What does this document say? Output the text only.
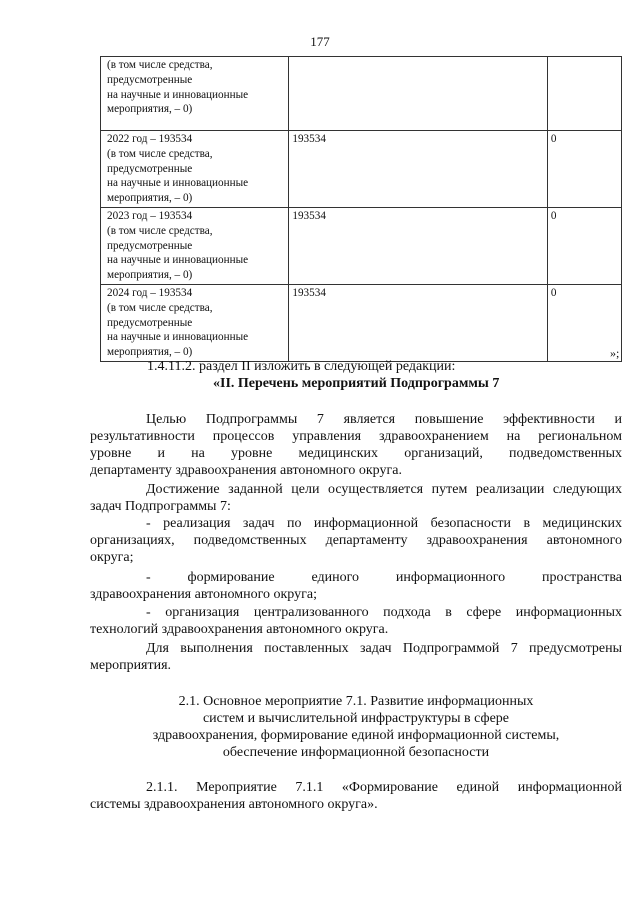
177
(в том числе средства,
предусмотренные
на научные и инновационные
мероприятия, – 0)		

2022 год – 193534
(в том числе средства,
предусмотренные
на научные и инновационные
мероприятия, – 0)	193534	0

2023 год – 193534
(в том числе средства,
предусмотренные
на научные и инновационные
мероприятия, – 0)	193534	0

2024 год – 193534
(в том числе средства,
предусмотренные
на научные и инновационные
мероприятия, – 0)	193534	0
»;
1.4.11.2. раздел II изложить в следующей редакции:
«II. Перечень мероприятий Подпрограммы 7
Целью Подпрограммы 7 является повышение эффективности и
результативности процессов управления здравоохранением на региональном
уровне и на уровне медицинских организаций, подведомственных
департаменту здравоохранения автономного округа.
Достижение заданной цели осуществляется путем реализации следующих
задач Подпрограммы 7:
- реализация задач по информационной безопасности в медицинских
организациях, подведомственных департаменту здравоохранения автономного
округа;
- формирование единого информационного пространства
здравоохранения автономного округа;
- организация централизованного подхода в сфере информационных
технологий здравоохранения автономного округа.
Для выполнения поставленных задач Подпрограммой 7 предусмотрены
мероприятия.
2.1. Основное мероприятие 7.1. Развитие информационных
систем и вычислительной инфраструктуры в сфере
здравоохранения, формирование единой информационной системы,
обеспечение информационной безопасности
2.1.1. Мероприятие 7.1.1 «Формирование единой информационной
системы здравоохранения автономного округа».
